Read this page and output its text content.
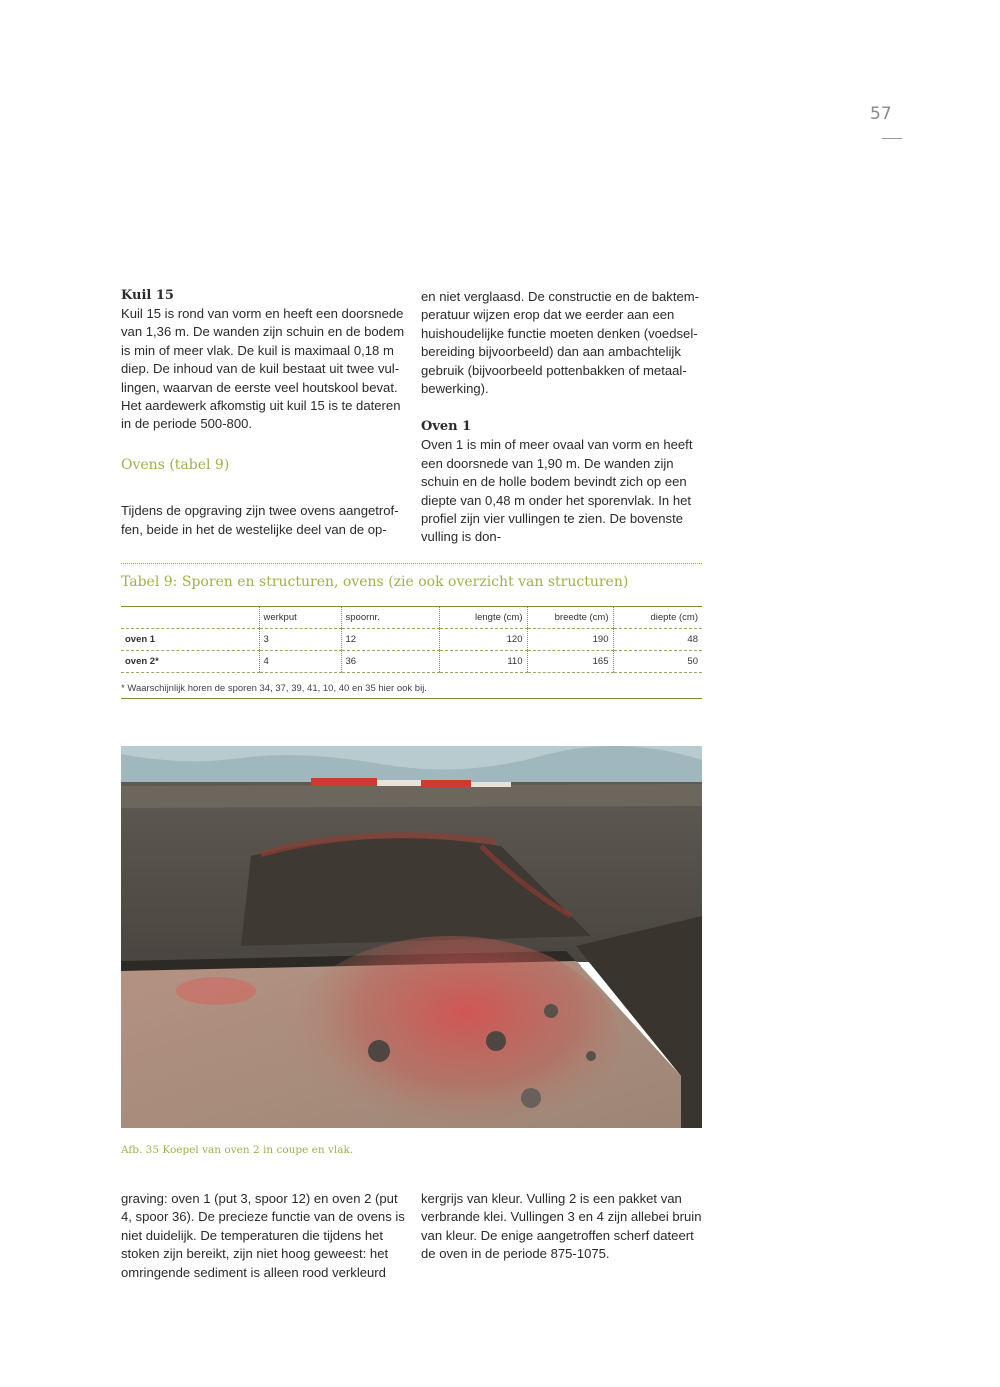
57

Kuil 15

Kuil 15 is rond van vorm en heeft een doorsnede van 1,36 m. De wanden zijn schuin en de bodem is min of meer vlak. De kuil is maximaal 0,18 m diep. De inhoud van de kuil bestaat uit twee vullingen, waarvan de eerste veel houtskool bevat. Het aardewerk afkomstig uit kuil 15 is te dateren in de periode 500-800.

Ovens (tabel 9)

Tijdens de opgraving zijn twee ovens aangetroffen, beide in het de westelijke deel van de op-

en niet verglaasd. De constructie en de baktemperatuur wijzen erop dat we eerder aan een huishoudelijke functie moeten denken (voedselbereiding bijvoorbeeld) dan aan ambachtelijk gebruik (bijvoorbeeld pottenbakken of metaalbewerking).

Oven 1

Oven 1 is min of meer ovaal van vorm en heeft een doorsnede van 1,90 m. De wanden zijn schuin en de holle bodem bevindt zich op een diepte van 0,48 m onder het sporenvlak. In het profiel zijn vier vullingen te zien. De bovenste vulling is don-

Tabel 9: Sporen en structuren, ovens (zie ook overzicht van structuren)
	werkput	spoornr.	lengte (cm)	breedte (cm)	diepte (cm)
oven 1	3	12	120	190	48
oven 2*	4	36	110	165	50
* Waarschijnlijk horen de sporen 34, 37, 39, 41, 10, 40 en 35 hier ook bij.
Afb. 35 Koepel van oven 2 in coupe en vlak.

graving: oven 1 (put 3, spoor 12) en oven 2 (put 4, spoor 36). De precieze functie van de ovens is niet duidelijk. De temperaturen die tijdens het stoken zijn bereikt, zijn niet hoog geweest: het omringende sediment is alleen rood verkleurd

kergrijs van kleur. Vulling 2 is een pakket van verbrande klei. Vullingen 3 en 4 zijn allebei bruin van kleur. De enige aangetroffen scherf dateert de oven in de periode 875-1075.
